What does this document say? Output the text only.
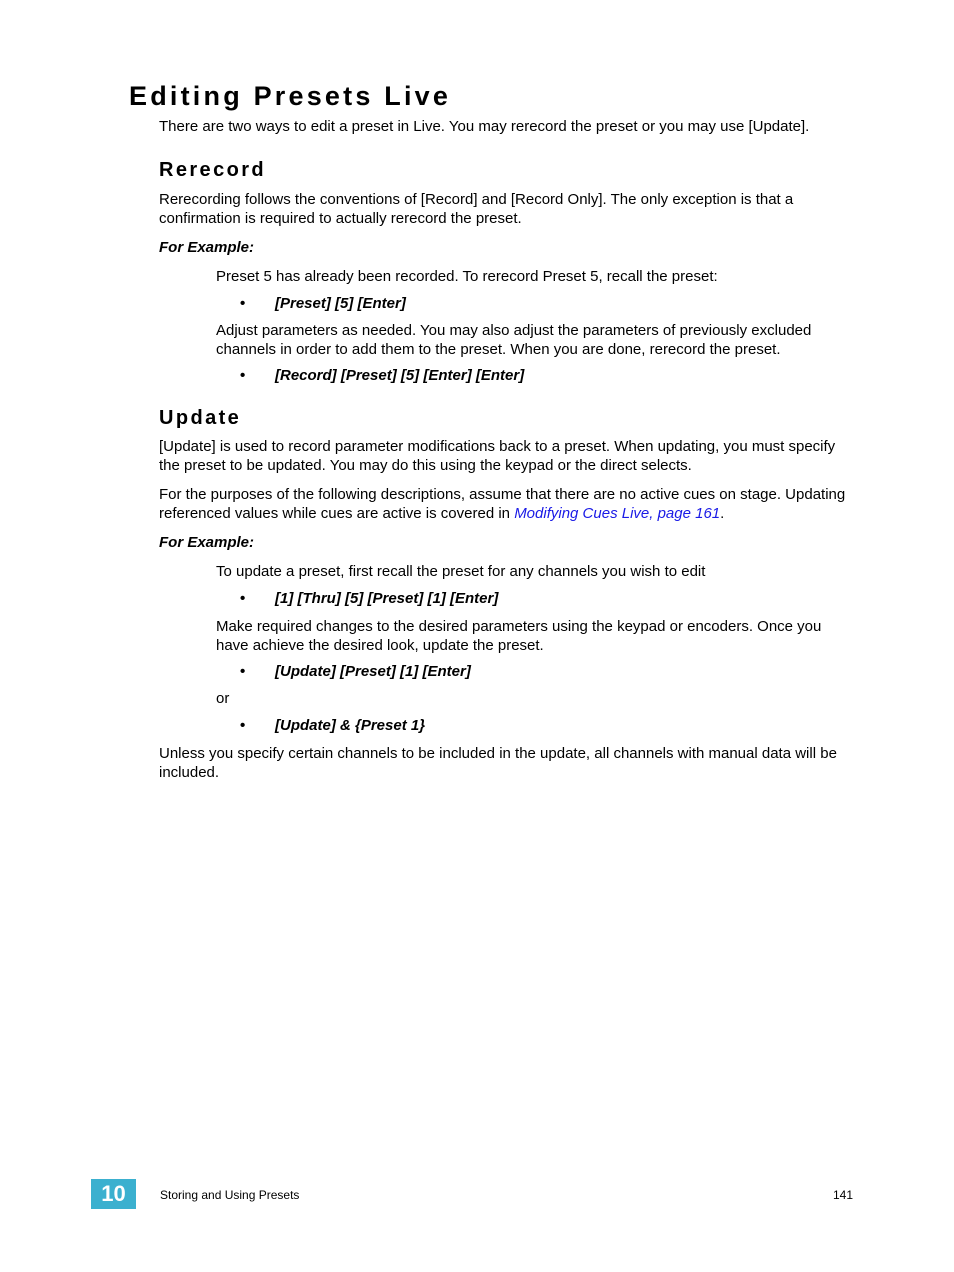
Editing Presets Live
There are two ways to edit a preset in Live. You may rerecord the preset or you may use [Update].
Rerecord
Rerecording follows the conventions of [Record] and [Record Only]. The only exception is that a confirmation is required to actually rerecord the preset.
For Example:
Preset 5 has already been recorded. To rerecord Preset 5, recall the preset:
• [Preset] [5] [Enter]
Adjust parameters as needed. You may also adjust the parameters of previously excluded channels in order to add them to the preset. When you are done, rerecord the preset.
• [Record] [Preset] [5] [Enter] [Enter]
Update
[Update] is used to record parameter modifications back to a preset. When updating, you must specify the preset to be updated. You may do this using the keypad or the direct selects.
For the purposes of the following descriptions, assume that there are no active cues on stage. Updating referenced values while cues are active is covered in Modifying Cues Live, page 161.
For Example:
To update a preset, first recall the preset for any channels you wish to edit
• [1] [Thru] [5] [Preset] [1] [Enter]
Make required changes to the desired parameters using the keypad or encoders. Once you have achieve the desired look, update the preset.
• [Update] [Preset] [1] [Enter]
or
• [Update] & {Preset 1}
Unless you specify certain channels to be included in the update, all channels with manual data will be included.
10	Storing and Using Presets	141
